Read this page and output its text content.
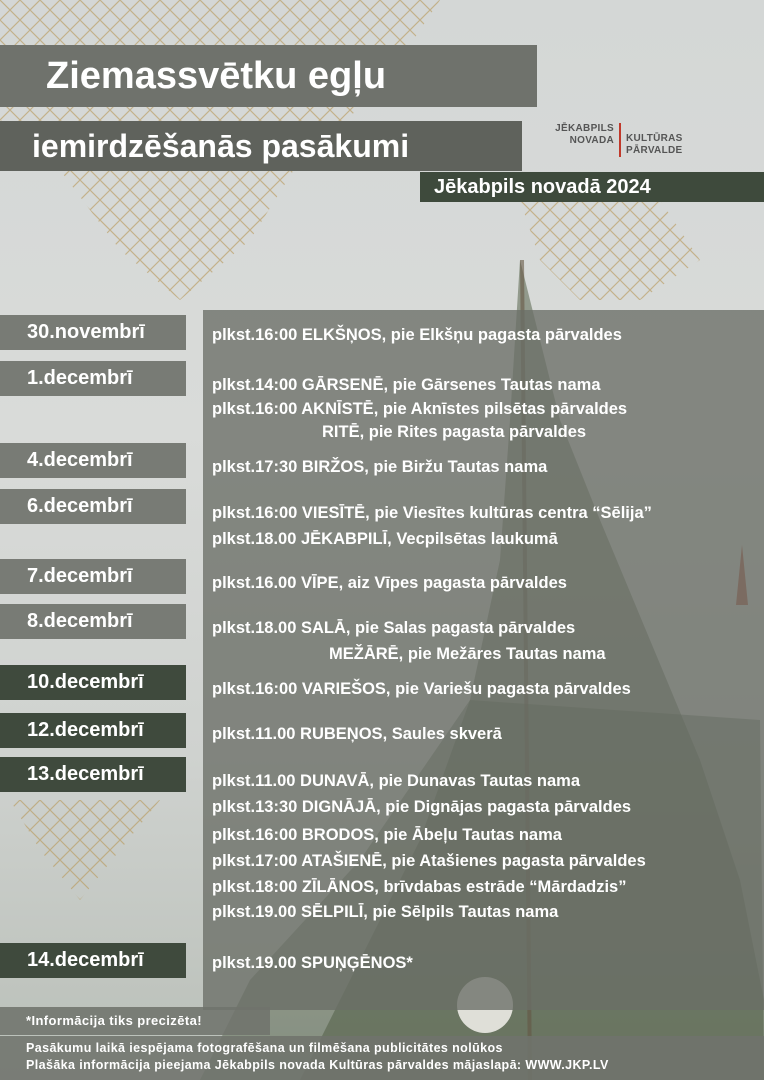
Ziemassvētku egļu
iemirdzēšanās pasākumi	JĒKABPILS
NOVADA KULTŪRAS
PĀRVALDE
Jēkabpils novadā 2024
30.novembrī
1.decembrī
4.decembrī
6.decembrī
7.decembrī
8.decembrī
10.decembrī
12.decembrī
13.decembrī
14.decembrī
plkst.16:00 ELKŠŅOS, pie Elkšņu pagasta pārvaldes
plkst.14:00 GĀRSENĒ, pie Gārsenes Tautas nama
plkst.16:00 AKNĪSTĒ, pie Aknīstes pilsētas pārvaldes
RITĒ, pie Rites pagasta pārvaldes
plkst.17:30 BIRŽOS, pie Biržu Tautas nama
plkst.16:00 VIESĪTĒ, pie Viesītes kultūras centra “Sēlija”
plkst.18.00 JĒKABPILĪ, Vecpilsētas laukumā
plkst.16.00 VĪPE, aiz Vīpes pagasta pārvaldes
plkst.18.00 SALĀ, pie Salas pagasta pārvaldes
MEŽĀRĒ, pie Mežāres Tautas nama
plkst.16:00 VARIEŠOS, pie Variešu pagasta pārvaldes
plkst.11.00 RUBEŅOS, Saules skverā
plkst.11.00 DUNAVĀ, pie Dunavas Tautas nama
plkst.13:30 DIGNĀJĀ, pie Dignājas pagasta pārvaldes
plkst.16:00 BRODOS, pie Ābeļu Tautas nama
plkst.17:00 ATAŠIENĒ, pie Atašienes pagasta pārvaldes
plkst.18:00 ZĪLĀNOS, brīvdabas estrāde “Mārdadzis”
plkst.19.00 SĒLPILĪ, pie Sēlpils Tautas nama
plkst.19.00 SPUŅĢĒNOS*
*Informācija tiks precizēta!
Pasākumu laikā iespējama fotografēšana un filmēšana publicitātes nolūkos
Plašāka informācija pieejama Jēkabpils novada Kultūras pārvaldes mājaslapā: WWW.JKP.LV
